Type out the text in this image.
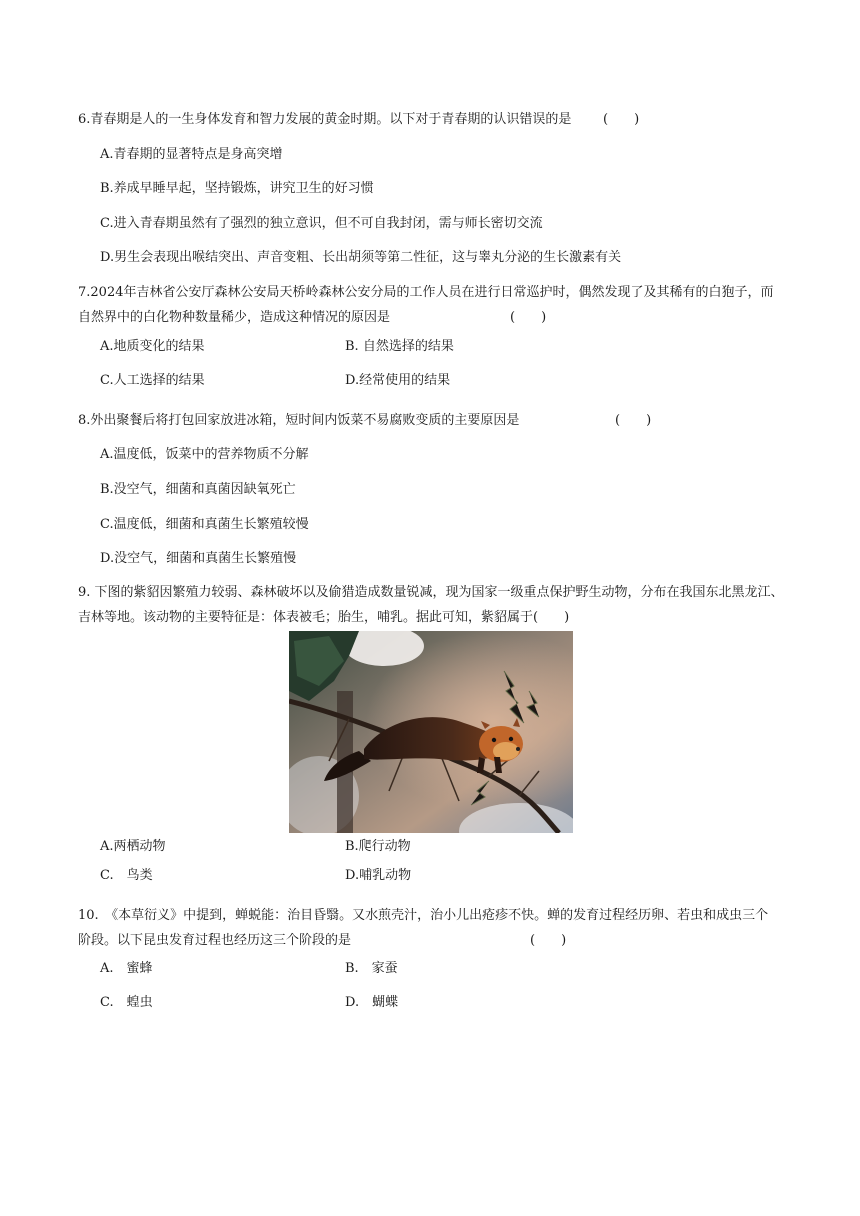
6.青春期是人的一生身体发育和智力发展的黄金时期。以下对于青春期的认识错误的是 (　　)
A.青春期的显著特点是身高突增
B.养成早睡早起，坚持锻炼，讲究卫生的好习惯
C.进入青春期虽然有了强烈的独立意识，但不可自我封闭，需与师长密切交流
D.男生会表现出喉结突出、声音变粗、长出胡须等第二性征，这与睾丸分泌的生长激素有关
7.2024年吉林省公安厅森林公安局天桥岭森林公安分局的工作人员在进行日常巡护时，偶然发现了及其稀有的白狍子，而
自然界中的白化物种数量稀少，造成这种情况的原因是	(　　)
A.地质变化的结果	B. 自然选择的结果
C.人工选择的结果	D.经常使用的结果
8.外出聚餐后将打包回家放进冰箱，短时间内饭菜不易腐败变质的主要原因是	(　　)
A.温度低，饭菜中的营养物质不分解
B.没空气，细菌和真菌因缺氧死亡
C.温度低，细菌和真菌生长繁殖较慢
D.没空气，细菌和真菌生长繁殖慢
9. 下图的紫貂因繁殖力较弱、森林破坏以及偷猎造成数量锐减，现为国家一级重点保护野生动物，分布在我国东北黑龙江、
吉林等地。该动物的主要特征是：体表被毛；胎生，哺乳。据此可知，紫貂属于(　　)
A.两栖动物	B.爬行动物
C.　鸟类	D.哺乳动物
10.　《本草衍义》中提到，蝉蜕能：治目昏翳。又水煎壳汁，治小儿出疮疹不快。蝉的发育过程经历卵、若虫和成虫三个
阶段。以下昆虫发育过程也经历这三个阶段的是	(　　)
A.　蜜蜂	B.　家蚕
C.　蝗虫	D.　蝴蝶
